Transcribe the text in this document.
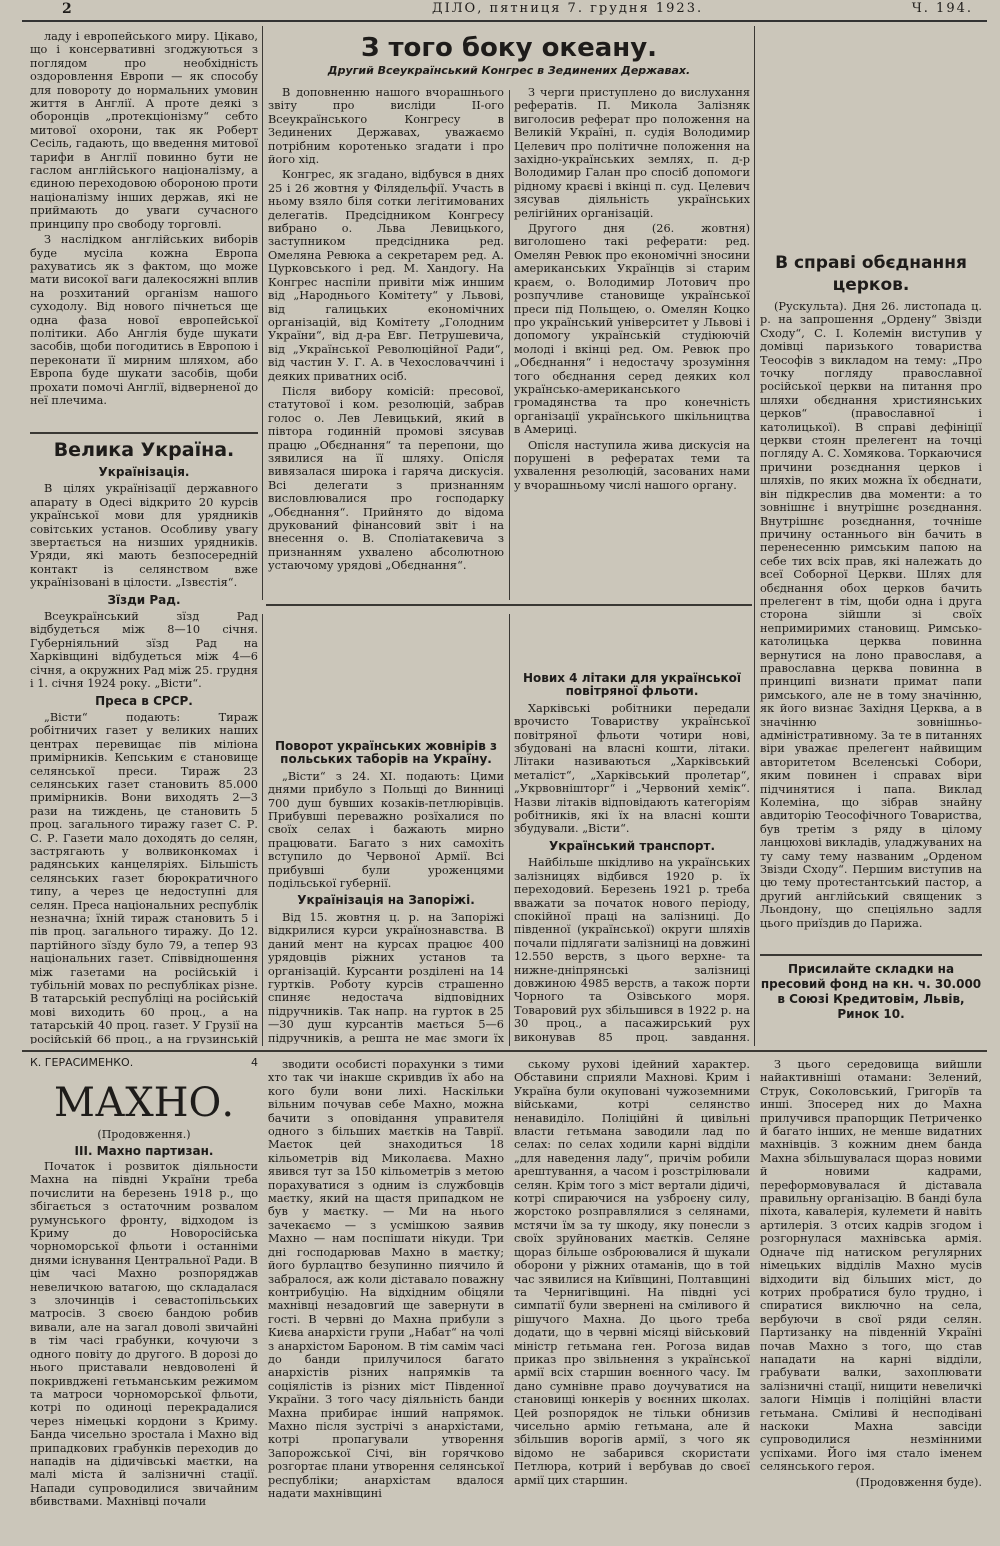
2	ДІЛО, пятниця 7. грудня 1923.	Ч. 194.

ладу і европейського миру. Цікаво, що і консервативні згоджуються з поглядом про необхідність оздоровлення Европи — як способу для повороту до нормальних умовин життя в Англії. А проте деякі з оборонців „протекціонізму“ себто митової охорони, так як Роберт Сесіль, гадають, що введення митової тарифи в Англії повинно бути не гаслом англійського націоналізму, а єдиною переходовою обороною проти націоналізму інших держав, які не приймають до уваги сучасного принципу про свободу торговлі.

З наслідком англійських виборів буде мусіла кожна Европа рахуватись як з фактом, що може мати високої ваги далекосяжні вплив на розхитаний організм нашого суходолу. Від нового пічнеться ще одна фаза нової европейської політики. Або Англія буде шукати засобів, щоби погодитись в Европою і переконати її мирним шляхом, або Европа буде шукати засобів, щоби прохати помочі Англії, відверненої до неї плечима.

Велика Україна.
Українізація.

В цілях українізації державного апарату в Одесі відкрито 20 курсів української мови для урядників совітських установ. Особливу увагу звертається на низших урядників. Уряди, які мають безпосередній контакт із селянством вже українізовані в цілости. „Ізвєстія“.

Зїзди Рад.

Всеукраїнський зїзд Рад відбудеться між 8—10 січня. Губерніяльний зїзд Рад на Харківщині відбудеться між 4—6 січня, а окружних Рад між 25. грудня і 1. січня 1924 року. „Вісти“.

Преса в СРСР.

„Вісти“ подають: Тираж робітничих газет у великих наших центрах перевищає пів міліона примірників. Кепським є становище селянської преси. Тираж 23 селянських газет становить 85.000 примірників. Вони виходять 2—3 рази на тиждень, це становить 5 проц. загального тиражу газет С. Р. С. Р. Газети мало доходять до селян, застрягають у волвиконкомах і радянських канцеляріях. Більшість селянських газет бюрократичного типу, а через це недоступні для селян. Преса національних республік незначна; їхній тираж становить 5 і пів проц. загального тиражу. До 12. партійного зїзду було 79, а тепер 93 національних газет. Співвідношення між газетами на російській і тубільній мовах по республіках різне. В татарській республіці на російській мові виходить 60 проц., а на татарській 40 проц. газет. У Грузії на російській 66 проц., а на грузинській

З того боку океану.
Другий Всеукраїнський Конгрес в Зединених Державах.

В доповненню нашого вчорашнього звіту про висліди II-ого Всеукраїнського Конгресу в Зединених Державах, уважаємо потрібним коротенько згадати і про його хід.

Конгрес, як згадано, відбувся в днях 25 і 26 жовтня у Філядельфії. Участь в ньому взяло біля сотки легітимованих делегатів. Предсідником Конгресу вибрано о. Льва Левицького, заступником предсідника ред. Омеляна Ревюка а секретарем ред. А. Цурковського і ред. М. Хандогу. На Конгрес наспіли привіти між иншим від „Народнього Комітету“ у Львові, від галицьких економічних організацій, від Комітету „Голодним України“, від д-ра Евг. Петрушевича, від „Української Революційної Ради“, від частин У. Г. А. в Чехословаччині і деяких приватних осіб.

Після вибору комісій: пресової, статутової і ком. резолюцій, забрав голос о. Лев Левицький, який в півтора годинній промові зясував працю „Обєднання“ та перепони, що зявилися на її шляху. Опісля вивязалася широка і гаряча дискусія. Всі делегати з признанням висловлювалися про господарку „Обєднання“. Прийнято до відома друкований фінансовий звіт і на внесення о. В. Споліатакевича з признанням ухвалено абсолютною устаючому урядові „Обєднання“.

З черги приступлено до вислухання рефератів. П. Микола Залізняк виголосив реферат про положення на Великій Україні, п. судія Володимир Целевич про політичне положення на західно-українських землях, п. д-р Володимир Галан про спосіб допомоги рідному краєві і вкінці п. суд. Целевич зясував діяльність українських релігійних організацій.

Другого дня (26. жовтня) виголошено такі реферати: ред. Омелян Ревюк про економічні зносини американських Українців зі старим краєм, о. Володимир Лотович про розпучливе становище української преси під Польщею, о. Омелян Коцко про український університет у Львові і допомогу українській студіюючій молоді і вкінці ред. Ом. Ревюк про „Обєднання“ і недостачу зрозуміння того обєднання серед деяких кол українсько-американського громадянства та про конечність організації українського шкільництва в Америці.

Опісля наступила жива дискусія на порушені в рефератах теми та ухвалення резолюцій, засованих нами у вчорашньому числі нашого органу.

Поворот українських жовнірів з польських таборів на Україну.

„Вісти“ з 24. XI. подають: Цими днями прибуло з Польщі до Винниці 700 душ бувших козаків-петлюрівців. Прибувші переважно розїхалися по своїх селах і бажають мирно працювати. Багато з них самохіть вступило до Червоної Армії. Всі прибувші були уроженцями подільської губернії.

Українізація на Запоріжі.

Від 15. жовтня ц. р. на Запоріжі відкрилися курси українознавства. В даний мент на курсах працює 400 урядовців ріжних установ та організацій. Курсанти розділені на 14 гуртків. Роботу курсів страшенно спиняє недостача відповідних підручників. Так напр. на гурток в 25—30 душ курсантів мається 5—6 підручників, а решта не має змоги їх

Нових 4 літаки для української повітряної фльоти.

Харківські робітники передали врочисто Товариству української повітряної фльоти чотири нові, збудовані на власні кошти, літаки. Літаки називаються „Харківський металіст“, „Харківський пролетар“, „Укрвовнішторг“ і „Червоний хемік“. Назви літаків відповідають категоріям робітників, які їх на власні кошти збудували. „Вісти“.

Український транспорт.

Найбільше шкідливо на українських залізницях відбився 1920 р. їх переходовий. Березень 1921 р. треба вважати за початок нового періоду, спокійної праці на залізниці. До південної (української) округи шляхів почали підлягати залізниці на довжині 12.550 верств, з цього верхне- та нижне-дніпрянські залізниці довжиною 4985 верств, а також порти Чорного та Озівського моря. Товаровий рух збільшився в 1922 р. на 30 проц., а пасажирський рух виконував 85 проц. завдання.

В справі обєднання церков.

(Рускульта). Дня 26. листопада ц. р. на запрошення „Ордену“ Звізди Сходу“, С. І. Колемін виступив у домівці паризького товариства Теософів з викладом на тему: „Про точку погляду православної російської церкви на питання про шляхи обєднання християнських церков“ (православної і католицької). В справі дефініції церкви стоян прелегент на точці погляду А. С. Хомякова. Торкаючися причини розєднання церков і шляхів, по яких можна їх обєднати, він підкреслив два моменти: а то зовнішнє і внутрішнє розєднання. Внутрішнє розєднання, точніше причину останнього він бачить в перенесенню римським папою на себе тих всіх прав, які належать до всеї Соборної Церкви. Шлях для обєднання обох церков бачить прелегент в тім, щоби одна і друга сторона зійшли зі своїх непримиримих становищ. Римсько-католицька церква повинна вернутися на лоно православя, а православна церква повинна в принципі визнати примат папи римського, але не в тому значінню, як його визнає Західня Церква, а в значінню зовнішньо-адміністративному. За те в питаннях віри уважає прелегент найвищим авторитетом Вселенські Собори, яким повинен і справах віри підчинятися і папа. Виклад Колеміна, що зібрав знайну авдиторію Теософічного Товариства, був третім з ряду в цілому ланцюхові викладів, уладжуваних на ту саму тему названим „Орденом Звізди Сходу“. Першим виступив на цю тему протестантський пастор, а другий англійський священик з Льондону, що спеціяльно задля цього приїздив до Парижа.

Присилайте складки на пресовий фонд на кн. ч. 30.000 в Союзі Кредитовім, Львів, Ринок 10.
К. ГЕРАСИМЕНКО.	4
МАХНО.
(Продовження.)
III. Махно партизан.

Початок і розвиток діяльности Махна на півдні України треба почислити на березень 1918 р., що збігається з остаточним розвалом румунського фронту, відходом із Криму до Новоросійська чорноморської фльоти і останніми днями існування Центральної Ради. В цім часі Махно розпоряджав невеличкою ватагою, що складалася з злочинців і севастопільських матросів. З своєю бандою робив вивали, але на загал доволі звичайні в тім часі грабунки, кочуючи з одного повіту до другого. В дорозі до нього приставали невдоволені й покривджені гетьманським режимом та матроси чорноморської фльоти, котрі по одиноці перекрадалися через німецькі кордони з Криму. Банда чисельно зростала і Махно від припадкових грабунків переходив до нападів на дідичівські маєтки, на малі міста й залізничні стації. Напади супроводилися звичайним вбивствами. Махнівці почали

зводити особисті порахунки з тими хто так чи інакше скривдив їх або на кого були вони лихі. Наскільки вільним почував себе Махно, можна бачити з оповідання управителя одного з більших маєтків на Таврії. Маєток цей знаходиться 18 кільометрів від Миколаєва. Махно явився тут за 150 кільометрів з метою порахуватися з одним із службовців маєтку, який на щастя припадком не був у маєтку. — Ми на нього зачекаємо — з усмішкою заявив Махно — нам поспішати нікуди. Три дні господарював Махно в маєтку; його бурлацтво безупинно пиячило й забралося, аж коли діставало поважну контрибуцію. На відхідним обіцяли махнівці незадовгий ще завернути в гості. В червні до Махна прибули з Києва анархісти групи „Набат“ на чолі з анархістом Бароном. В тім самім часі до банди прилучилося багато анархістів різних напрямків та соціялістів із різних міст Південної України. З того часу діяльність банди Махна прибирає інший напрямок. Махно після зустрічі з анархістами, котрі пропагували утворення Запорожської Січі, він горячково розгортає плани утворення селянської республіки; анархістам вдалося надати махнівщині

ському рухові ідейний характер. Обставини сприяли Махнові. Крим і Україна були окуповані чужоземними військами, котрі селянство ненавиділо. Поліційні й цивільні власти гетьмана заводили лад по селах: по селах ходили карні відділи „для наведення ладу“, причім робили арештування, а часом і розстрілювали селян. Крім того з міст вертали дідичі, котрі спираючися на узброєну силу, жорстоко розправлялися з селянами, мстячи їм за ту шкоду, яку понесли з своїх зруйнованих маєтків. Селяне щораз більше озброювалися й шукали оборони у ріжних отаманів, що в той час зявилися на Київщині, Полтавщині та Чернигівщині. На півдні усі симпатії були звернені на сміливого й рішучого Махна. До цього треба додати, що в червні місяці військовий міністр гетьмана ген. Рогоза видав приказ про звільнення з української армії всіх старшин воєнного часу. Ім дано сумнівне право доучуватися на становищі юнкерів у воєнних школах. Цей розпорядок не тільки обнизив чисельно армію гетьмана, але й збільшив ворогів армії, з чого як відомо не забарився скористати Петлюра, котрий і вербував до своєї армії цих старшин.

З цього середовища вийшли найактивніші отамани: Зелений, Струк, Соколовський, Григорїв та инші. Зпосеред них до Махна прилучився прапорщик Петриченко й багато інших, не менше видатних махнівців. З кожним днем банда Махна збільшувалася щораз новими й новими кадрами, переформовувалася й діставала правильну організацію. В банді була піхота, кавалерія, кулемети й навіть артилерія. З отсих кадрів згодом і розгорнулася махнівська армія. Одначе під натиском регулярних німецьких відділів Махно мусів відходити від більших міст, до котрих пробратися було трудно, і спиратися виключно на села, вербуючи в свої ряди селян. Партизанку на південній Україні почав Махно з того, що став нападати на карні відділи, грабувати валки, захоплювати залізничні стації, нищити невеличкі залоги Німців і поліційні власти гетьмана. Сміливі й несподівані наскоки Махна завсіди супроводилися незмінними успіхами. Його імя стало іменем селянського героя.

(Продовження буде).
